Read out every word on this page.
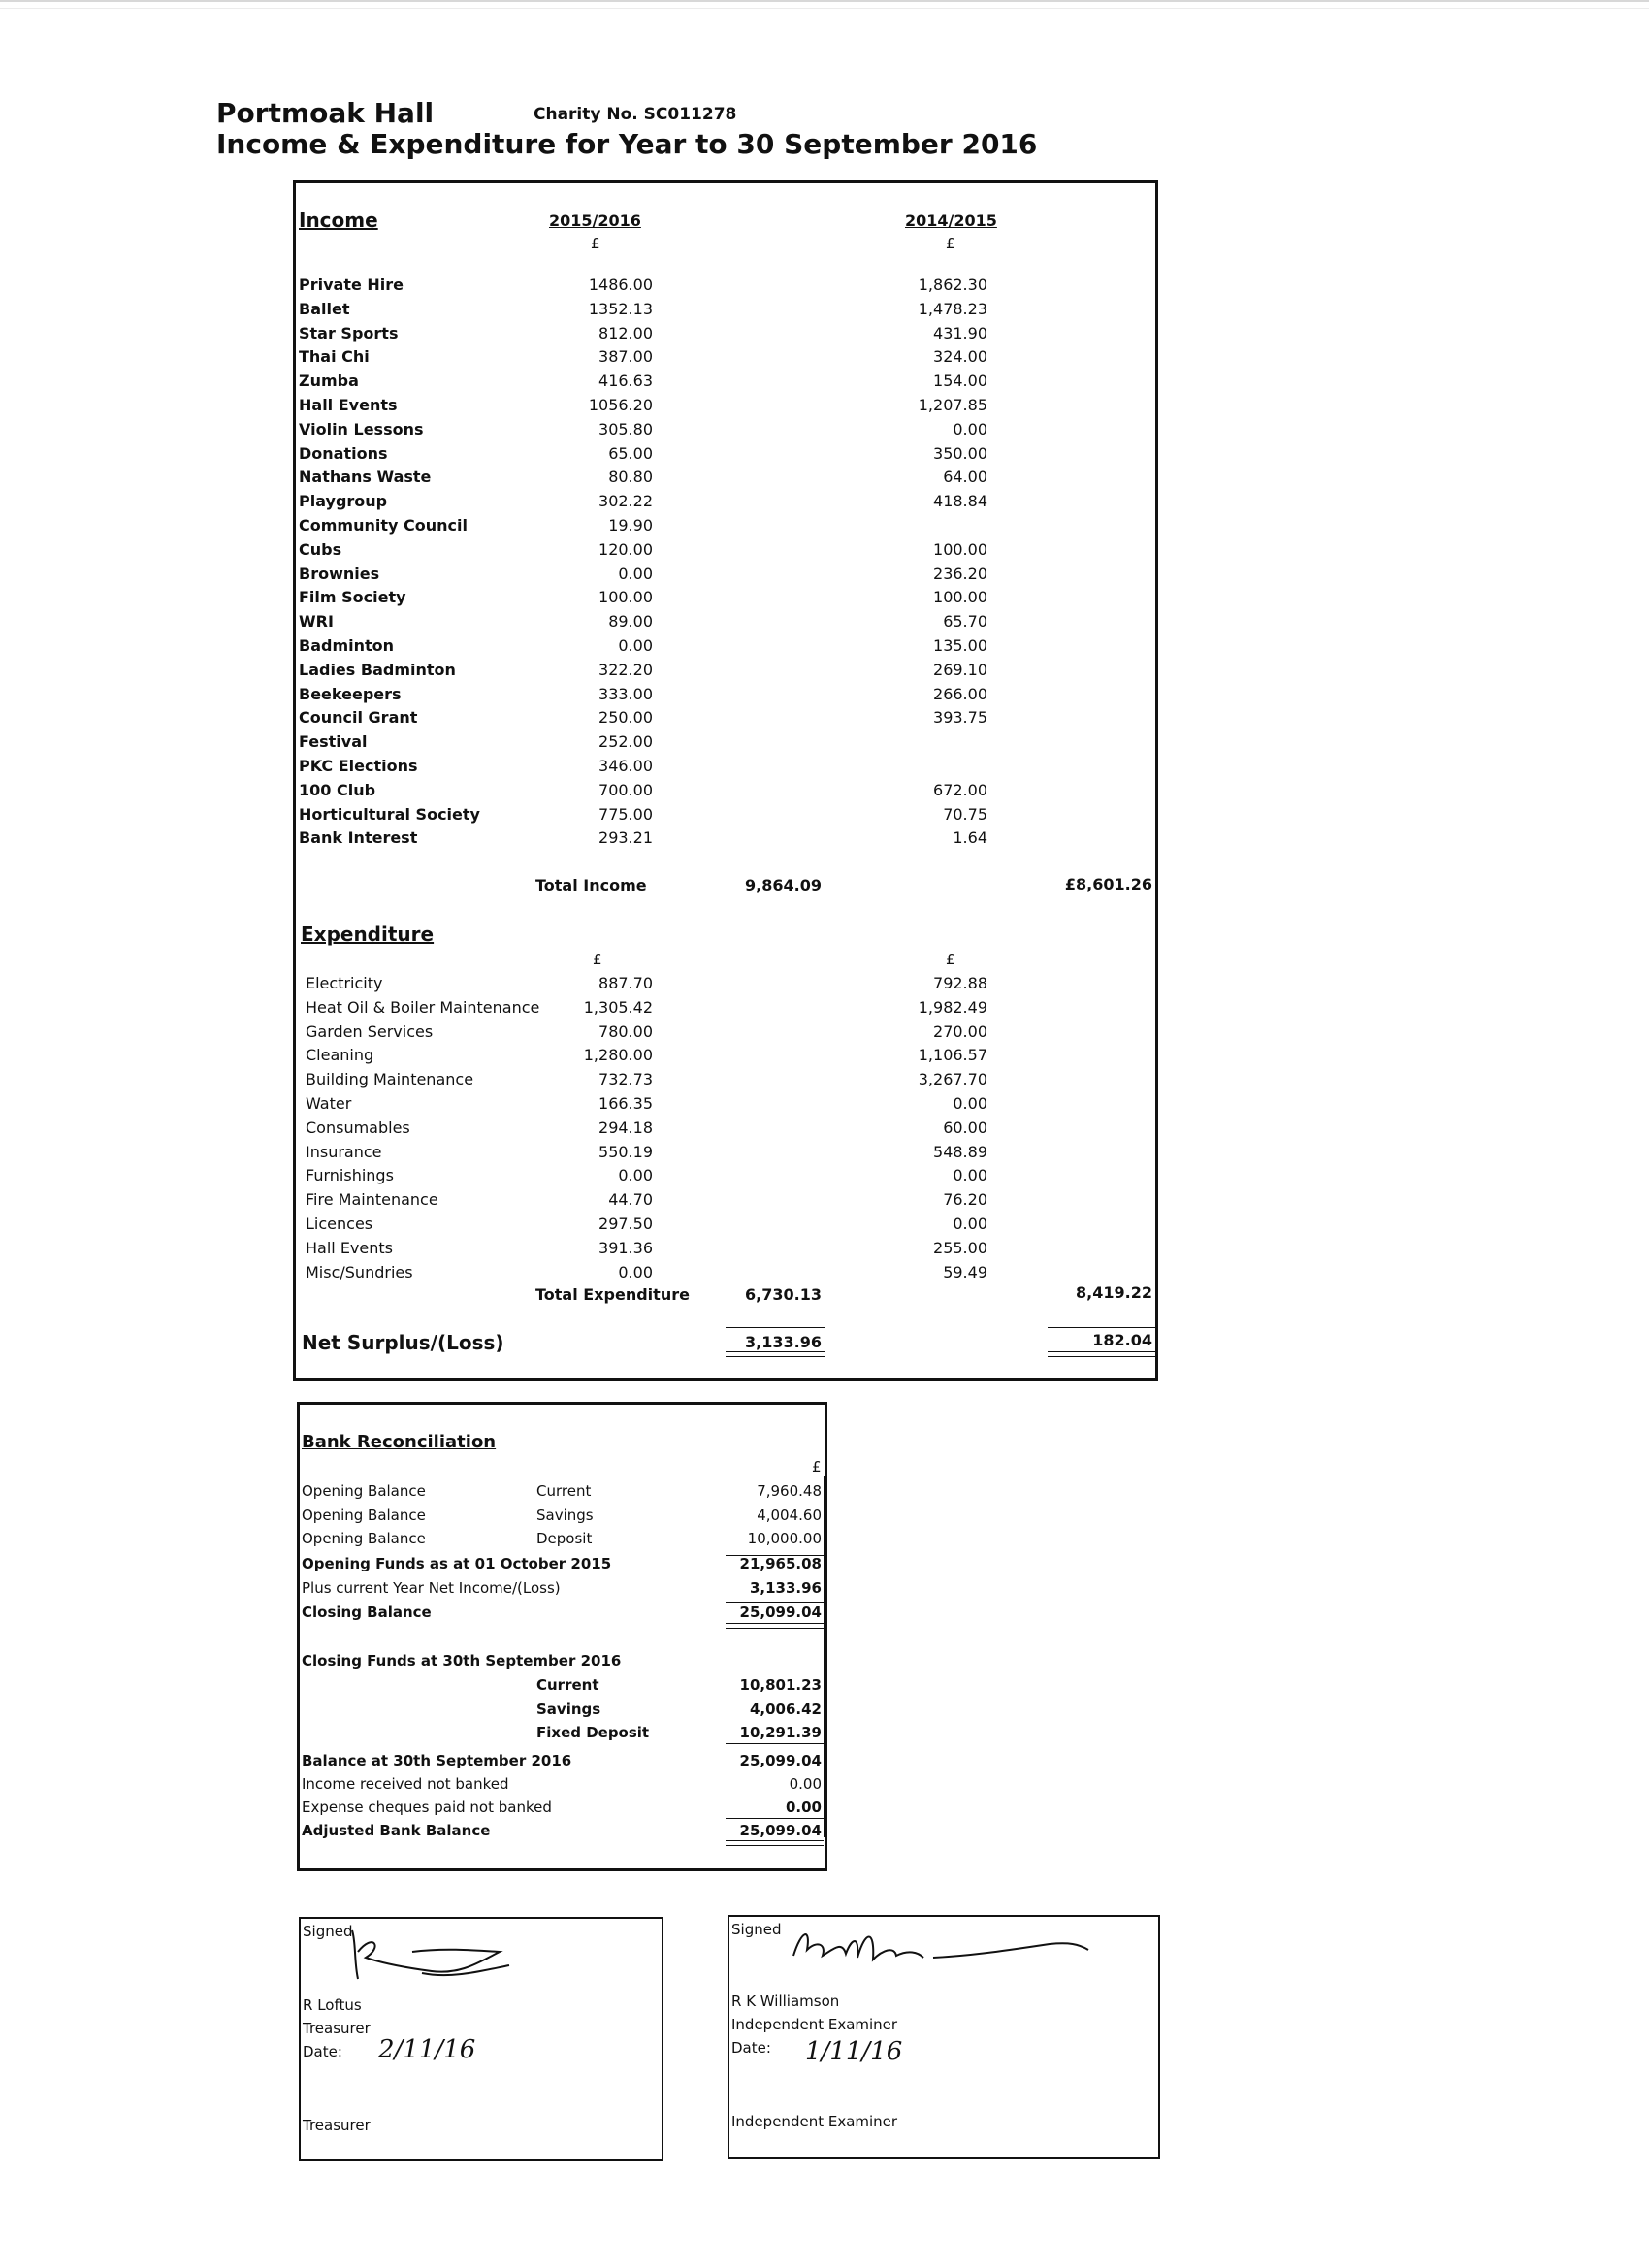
Portmoak Hall	Charity No. SC011278
Income & Expenditure for Year to 30 September 2016
Income	2015/2016	2014/2015
£	£
Private Hire	1486.00	1,862.30
Ballet	1352.13	1,478.23
Star Sports	812.00	431.90
Thai Chi	387.00	324.00
Zumba	416.63	154.00
Hall Events	1056.20	1,207.85
Violin Lessons	305.80	0.00
Donations	65.00	350.00
Nathans Waste	80.80	64.00
Playgroup	302.22	418.84
Community Council	19.90
Cubs	120.00	100.00
Brownies	0.00	236.20
Film Society	100.00	100.00
WRI	89.00	65.70
Badminton	0.00	135.00
Ladies Badminton	322.20	269.10
Beekeepers	333.00	266.00
Council Grant	250.00	393.75
Festival	252.00
PKC Elections	346.00
100 Club	700.00	672.00
Horticultural Society	775.00	70.75
Bank Interest	293.21	1.64
Total Income	9,864.09	£8,601.26
Expenditure
£	£
Electricity	887.70	792.88
Heat Oil & Boiler Maintenance	1,305.42	1,982.49
Garden Services	780.00	270.00
Cleaning	1,280.00	1,106.57
Building Maintenance	732.73	3,267.70
Water	166.35	0.00
Consumables	294.18	60.00
Insurance	550.19	548.89
Furnishings	0.00	0.00
Fire Maintenance	44.70	76.20
Licences	297.50	0.00
Hall Events	391.36	255.00
Misc/Sundries	0.00	59.49
Total Expenditure	6,730.13	8,419.22
Net Surplus/(Loss)	3,133.96	182.04
Bank Reconciliation
£
Opening Balance	Current	7,960.48
Opening Balance	Savings	4,004.60
Opening Balance	Deposit	10,000.00
Opening Funds as at 01 October 2015	21,965.08
Plus current Year Net Income/(Loss)	3,133.96
Closing Balance	25,099.04
Closing Funds at 30th September 2016
Current	10,801.23
Savings	4,006.42
Fixed Deposit	10,291.39
Balance at 30th September 2016	25,099.04
Income received not banked	0.00
Expense cheques paid not banked	0.00
Adjusted Bank Balance	25,099.04
Signed
R Loftus
Treasurer
Date: 2/11/16
Treasurer
Signed
R K Williamson
Independent Examiner
Date: 1/11/16
Independent Examiner
